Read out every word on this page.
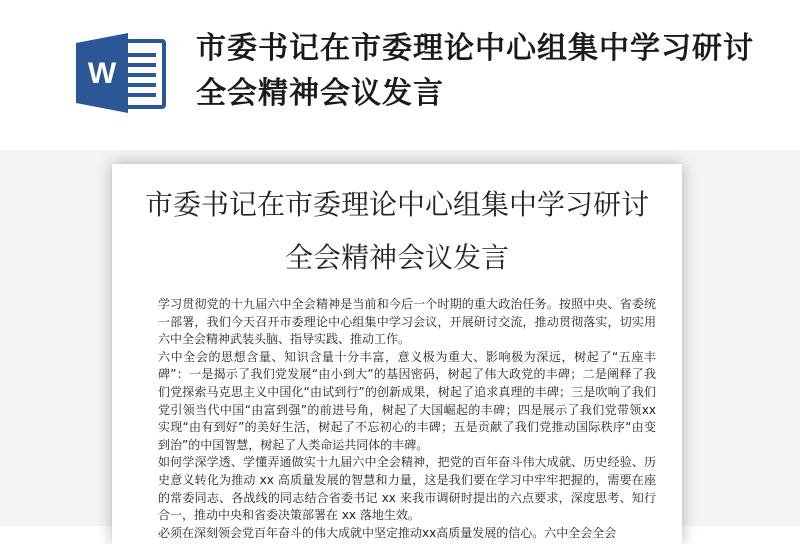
W
市委书记在市委理论中心组集中学习研讨全会精神会议发言
市委书记在市委理论中心组集中学习研讨全会精神会议发言

学习贯彻党的十九届六中全会精神是当前和今后一个时期的重大政治任务。按照中央、省委统一部署，我们今天召开市委理论中心组集中学习会议，开展研讨交流，推动贯彻落实，切实用六中全会精神武装头脑、指导实践、推动工作。

六中全会的思想含量、知识含量十分丰富，意义极为重大、影响极为深远，树起了“五座丰碑”：一是揭示了我们党发展“由小到大”的基因密码，树起了伟大政党的丰碑；二是阐释了我们党探索马克思主义中国化“由试到行”的创新成果，树起了追求真理的丰碑；三是吹响了我们党引领当代中国“由富到强”的前进号角，树起了大国崛起的丰碑；四是展示了我们党带领xx 实现“由有到好”的美好生活，树起了不忘初心的丰碑；五是贡献了我们党推动国际秩序“由变到治”的中国智慧，树起了人类命运共同体的丰碑。

如何学深学透、学懂弄通做实十九届六中全会精神，把党的百年奋斗伟大成就、历史经验、历史意义转化为推动 xx 高质量发展的智慧和力量，这是我们要在学习中牢牢把握的，需要在座的常委同志、各战线的同志结合省委书记 xx 来我市调研时提出的六点要求，深度思考、知行合一，推动中央和省委决策部署在 xx 落地生效。

必须在深刻领会党百年奋斗的伟大成就中坚定推动xx高质量发展的信心。六中全会全会
